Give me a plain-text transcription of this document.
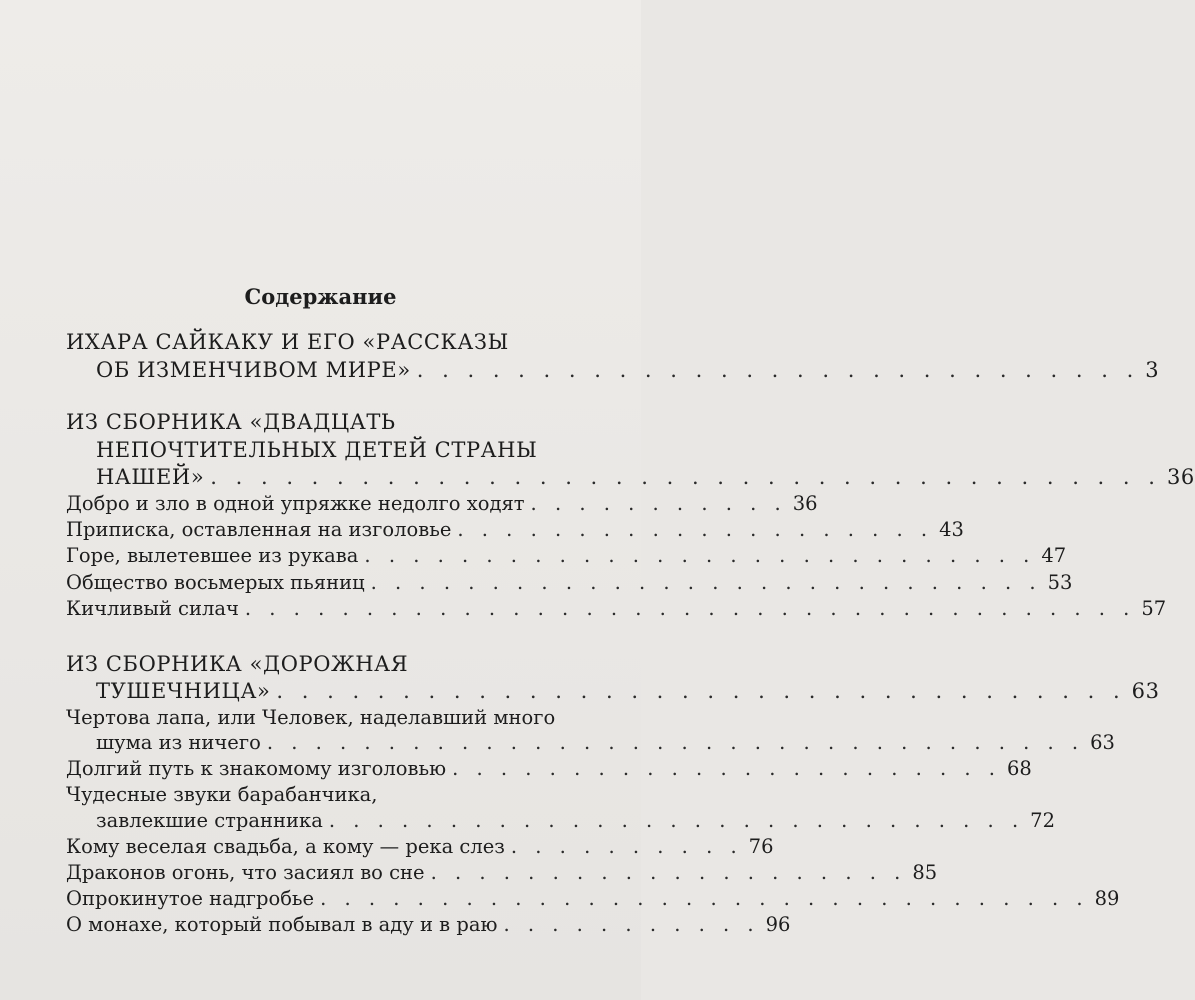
Содержание
ИХАРА САЙКАКУ И ЕГО «РАССКАЗЫ
ОБ ИЗМЕНЧИВОМ МИРЕ» . . . . . . . . . . . . . . . . . . . . . . . . . . . . . 3
ИЗ СБОРНИКА «ДВАДЦАТЬ
НЕПОЧТИТЕЛЬНЫХ ДЕТЕЙ СТРАНЫ
НАШЕЙ» . . . . . . . . . . . . . . . . . . . . . . . . . . . . . . . . . . . . . . 36
Добро и зло в одной упряжке недолго ходят . . . . . . . . . . . 36
Приписка, оставленная на изголовье . . . . . . . . . . . . . . . . . . . . 43
Горе, вылетевшее из рукава . . . . . . . . . . . . . . . . . . . . . . . . . . . . 47
Общество восьмерых пьяниц . . . . . . . . . . . . . . . . . . . . . . . . . . . . 53
Кичливый силач . . . . . . . . . . . . . . . . . . . . . . . . . . . . . . . . . . . . . 57
ИЗ СБОРНИКА «ДОРОЖНАЯ
ТУШЕЧНИЦА» . . . . . . . . . . . . . . . . . . . . . . . . . . . . . . . . . . 63
Чертова лапа, или Человек, наделавший много
шума из ничего . . . . . . . . . . . . . . . . . . . . . . . . . . . . . . . . . . 63
Долгий путь к знакомому изголовью . . . . . . . . . . . . . . . . . . . . . . . 68
Чудесные звуки барабанчика,
завлекшие странника . . . . . . . . . . . . . . . . . . . . . . . . . . . . . 72
Кому веселая свадьба, а кому — река слез . . . . . . . . . . 76
Драконов огонь, что засиял во сне . . . . . . . . . . . . . . . . . . . . 85
Опрокинутое надгробье . . . . . . . . . . . . . . . . . . . . . . . . . . . . . . . . 89
О монахе, который побывал в аду и в раю . . . . . . . . . . . 96
